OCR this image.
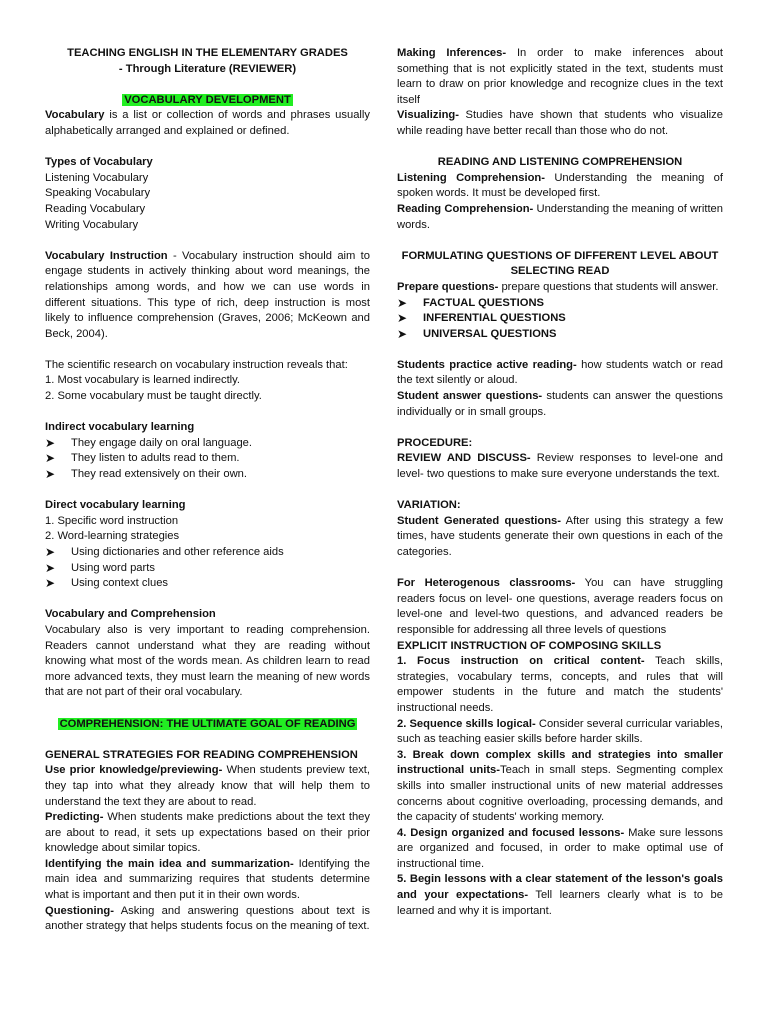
TEACHING ENGLISH IN THE ELEMENTARY GRADES

- Through Literature (REVIEWER)

VOCABULARY DEVELOPMENT

Vocabulary is a list or collection of words and phrases usually alphabetically arranged and explained or defined.

Types of Vocabulary

Listening Vocabulary

Speaking Vocabulary

Reading Vocabulary

Writing Vocabulary

Vocabulary Instruction - Vocabulary instruction should aim to engage students in actively thinking about word meanings, the relationships among words, and how we can use words in different situations. This type of rich, deep instruction is most likely to influence comprehension (Graves, 2006; McKeown and Beck, 2004).

The scientific research on vocabulary instruction reveals that:

1. Most vocabulary is learned indirectly.

2. Some vocabulary must be taught directly.

Indirect vocabulary learning

➤	They engage daily on oral language.
➤	They listen to adults read to them.
➤	They read extensively on their own.

Direct vocabulary learning

1. Specific word instruction

2. Word-learning strategies

➤	Using dictionaries and other reference aids
➤	Using word parts
➤	Using context clues

Vocabulary and Comprehension

Vocabulary also is very important to reading comprehension. Readers cannot understand what they are reading without knowing what most of the words mean. As children learn to read more advanced texts, they must learn the meaning of new words that are not part of their oral vocabulary.

COMPREHENSION: THE ULTIMATE GOAL OF READING

GENERAL STRATEGIES FOR READING COMPREHENSION

Use prior knowledge/previewing- When students preview text, they tap into what they already know that will help them to understand the text they are about to read.

Predicting- When students make predictions about the text they are about to read, it sets up expectations based on their prior knowledge about similar topics.

Identifying the main idea and summarization- Identifying the main idea and summarizing requires that students determine what is important and then put it in their own words.

Questioning- Asking and answering questions about text is another strategy that helps students focus on the meaning of text.

Making Inferences- In order to make inferences about something that is not explicitly stated in the text, students must learn to draw on prior knowledge and recognize clues in the text itself

Visualizing- Studies have shown that students who visualize while reading have better recall than those who do not.

READING AND LISTENING COMPREHENSION

Listening Comprehension- Understanding the meaning of spoken words. It must be developed first.

Reading Comprehension- Understanding the meaning of written words.

FORMULATING QUESTIONS OF DIFFERENT LEVEL ABOUT SELECTING READ

Prepare questions- prepare questions that students will answer.

➤	FACTUAL QUESTIONS
➤	INFERENTIAL QUESTIONS
➤	UNIVERSAL QUESTIONS

Students practice active reading- how students watch or read the text silently or aloud.

Student answer questions- students can answer the questions individually or in small groups.

PROCEDURE:

REVIEW AND DISCUSS- Review responses to level-one and level- two questions to make sure everyone understands the text.

VARIATION:

Student Generated questions- After using this strategy a few times, have students generate their own questions in each of the categories.

For Heterogenous classrooms- You can have struggling readers focus on level- one questions, average readers focus on level-one and level-two questions, and advanced readers be responsible for addressing all three levels of questions

EXPLICIT INSTRUCTION OF COMPOSING SKILLS

1. Focus instruction on critical content- Teach skills, strategies, vocabulary terms, concepts, and rules that will empower students in the future and match the students' instructional needs.

2. Sequence skills logical- Consider several curricular variables, such as teaching easier skills before harder skills.

3. Break down complex skills and strategies into smaller instructional units-Teach in small steps. Segmenting complex skills into smaller instructional units of new material addresses concerns about cognitive overloading, processing demands, and the capacity of students' working memory.

4. Design organized and focused lessons- Make sure lessons are organized and focused, in order to make optimal use of instructional time.

5. Begin lessons with a clear statement of the lesson's goals and your expectations- Tell learners clearly what is to be learned and why it is important.
